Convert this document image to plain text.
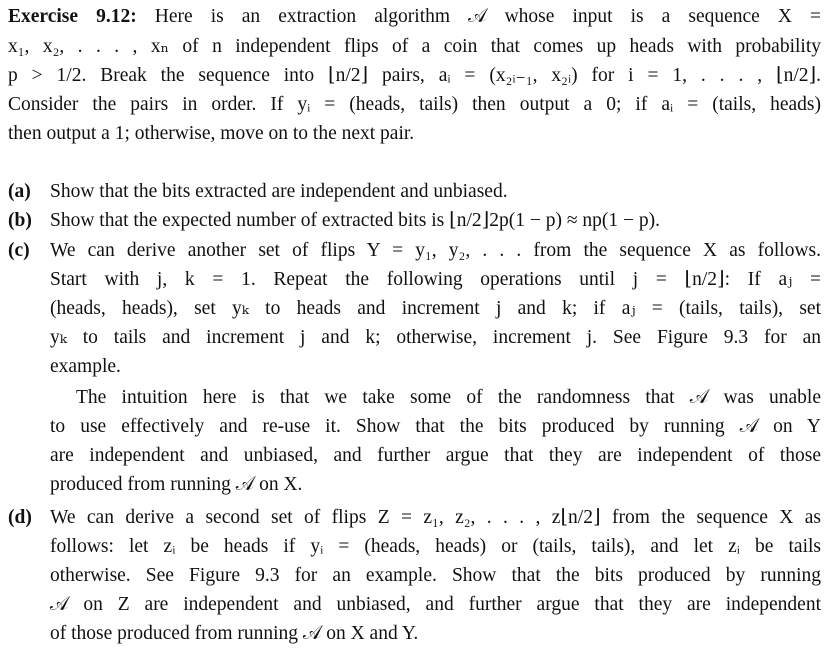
Exercise 9.12: Here is an extraction algorithm 𝒜 whose input is a sequence X =
x₁, x₂, . . . , xₙ of n independent flips of a coin that comes up heads with probability
p > 1/2. Break the sequence into ⌊n/2⌋ pairs, aᵢ = (x₂ᵢ₋₁, x₂ᵢ) for i = 1, . . . , ⌊n/2⌋.
Consider the pairs in order. If yᵢ = (heads, tails) then output a 0; if aᵢ = (tails, heads)
then output a 1; otherwise, move on to the next pair.
(a) Show that the bits extracted are independent and unbiased.
(b) Show that the expected number of extracted bits is ⌊n/2⌋2p(1 − p) ≈ np(1 − p).
(c)	We can derive another set of flips Y = y₁, y₂, . . . from the sequence X as follows.
Start with j, k = 1. Repeat the following operations until j = ⌊n/2⌋: If aⱼ =
(heads, heads), set yₖ to heads and increment j and k; if aⱼ = (tails, tails), set
yₖ to tails and increment j and k; otherwise, increment j. See Figure 9.3 for an
example.
The intuition here is that we take some of the randomness that 𝒜 was unable
to use effectively and re-use it. Show that the bits produced by running 𝒜 on Y
are independent and unbiased, and further argue that they are independent of those
produced from running 𝒜 on X.
(d) We can derive a second set of flips Z = z₁, z₂, . . . , z⌊n/2⌋ from the sequence X as
follows: let zᵢ be heads if yᵢ = (heads, heads) or (tails, tails), and let zᵢ be tails
otherwise. See Figure 9.3 for an example. Show that the bits produced by running
𝒜 on Z are independent and unbiased, and further argue that they are independent
of those produced from running 𝒜 on X and Y.
